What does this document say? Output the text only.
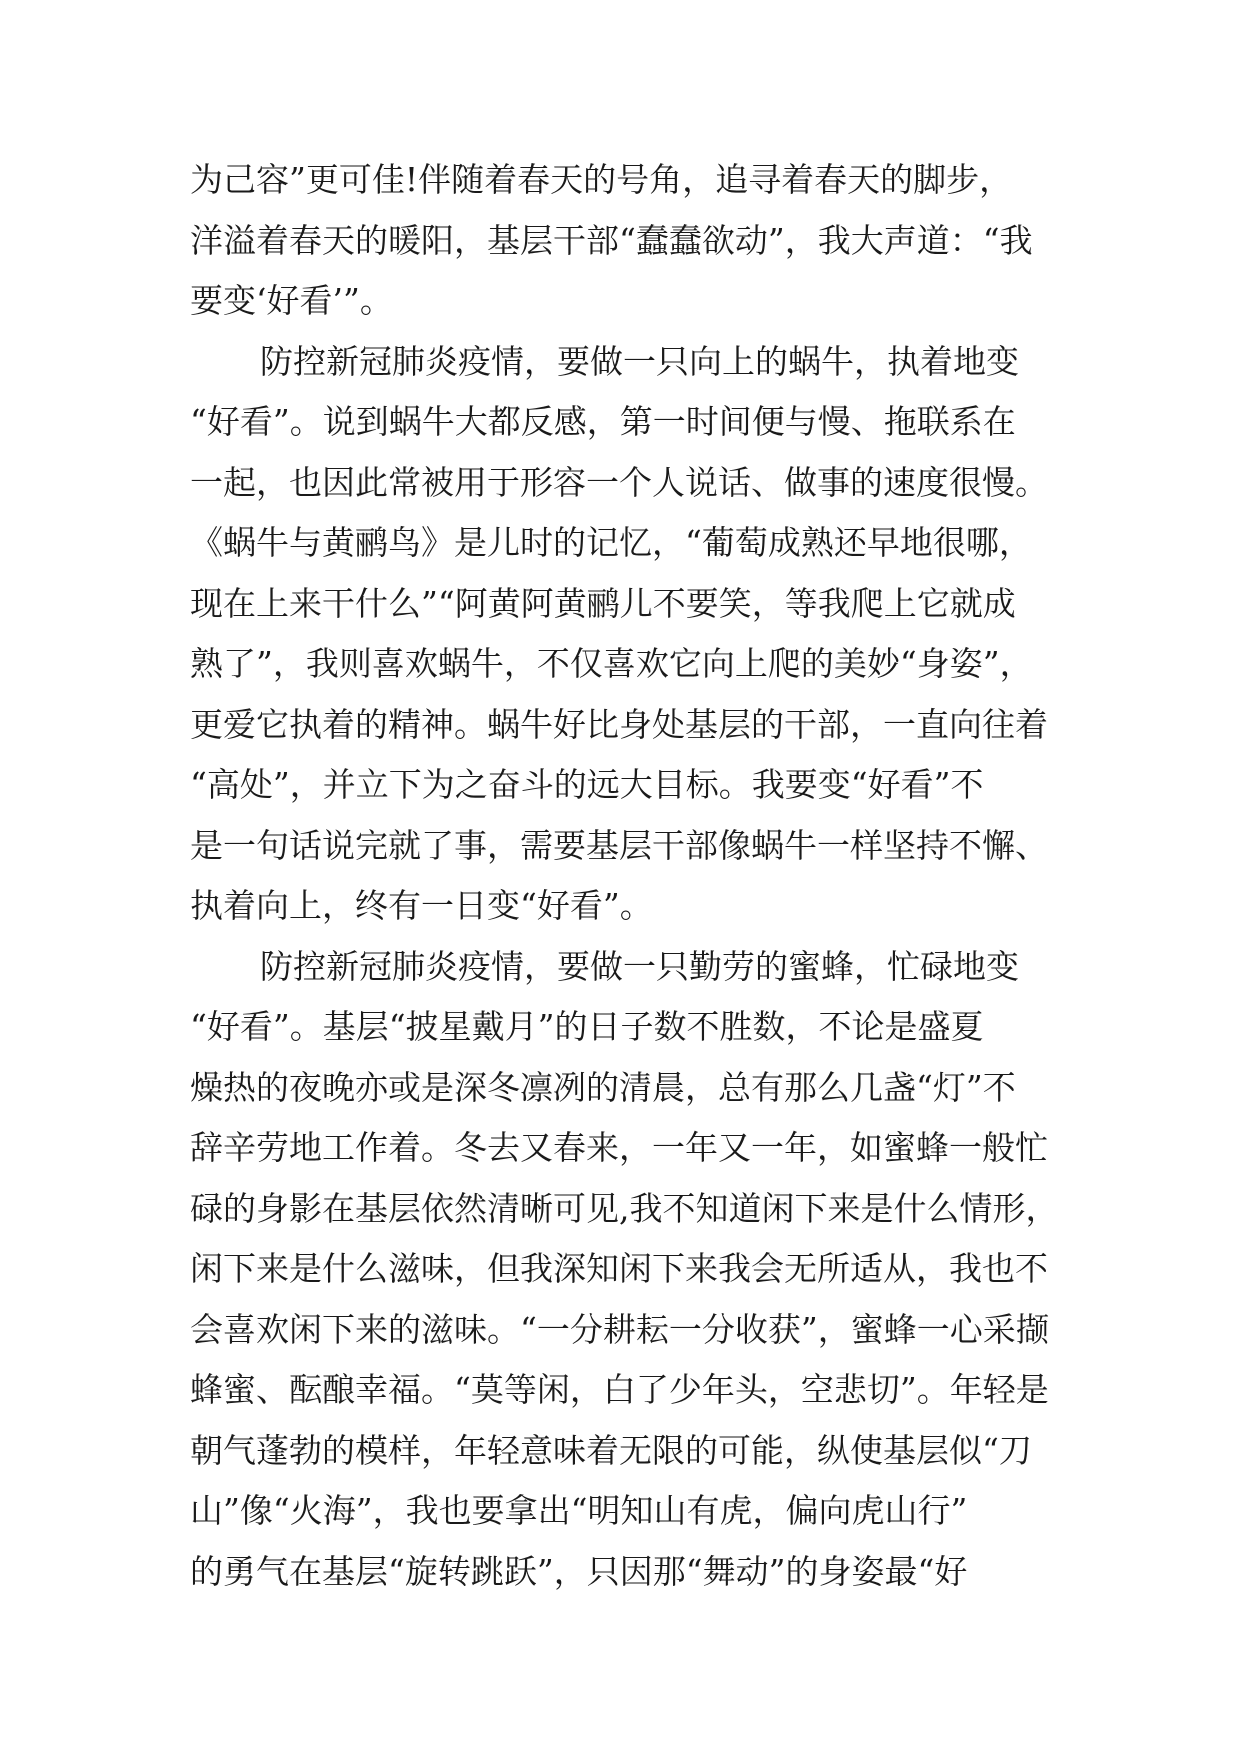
为己容”更可佳!伴随着春天的号角，追寻着春天的脚步，
洋溢着春天的暖阳，基层干部“蠢蠢欲动”，我大声道：“我
要变‘好看’”。
防控新冠肺炎疫情，要做一只向上的蜗牛，执着地变
“好看”。说到蜗牛大都反感，第一时间便与慢、拖联系在
一起，也因此常被用于形容一个人说话、做事的速度很慢。
《蜗牛与黄鹂鸟》是儿时的记忆，“葡萄成熟还早地很哪，
现在上来干什么”“阿黄阿黄鹂儿不要笑，等我爬上它就成
熟了”，我则喜欢蜗牛，不仅喜欢它向上爬的美妙“身姿”，
更爱它执着的精神。蜗牛好比身处基层的干部，一直向往着
“高处”，并立下为之奋斗的远大目标。我要变“好看”不
是一句话说完就了事，需要基层干部像蜗牛一样坚持不懈、
执着向上，终有一日变“好看”。
防控新冠肺炎疫情，要做一只勤劳的蜜蜂，忙碌地变
“好看”。基层“披星戴月”的日子数不胜数，不论是盛夏
燥热的夜晚亦或是深冬凛冽的清晨，总有那么几盏“灯”不
辞辛劳地工作着。冬去又春来，一年又一年，如蜜蜂一般忙
碌的身影在基层依然清晰可见,我不知道闲下来是什么情形，
闲下来是什么滋味，但我深知闲下来我会无所适从，我也不
会喜欢闲下来的滋味。“一分耕耘一分收获”，蜜蜂一心采撷
蜂蜜、酝酿幸福。“莫等闲，白了少年头，空悲切”。年轻是
朝气蓬勃的模样，年轻意味着无限的可能，纵使基层似“刀
山”像“火海”，我也要拿出“明知山有虎，偏向虎山行”
的勇气在基层“旋转跳跃”，只因那“舞动”的身姿最“好
